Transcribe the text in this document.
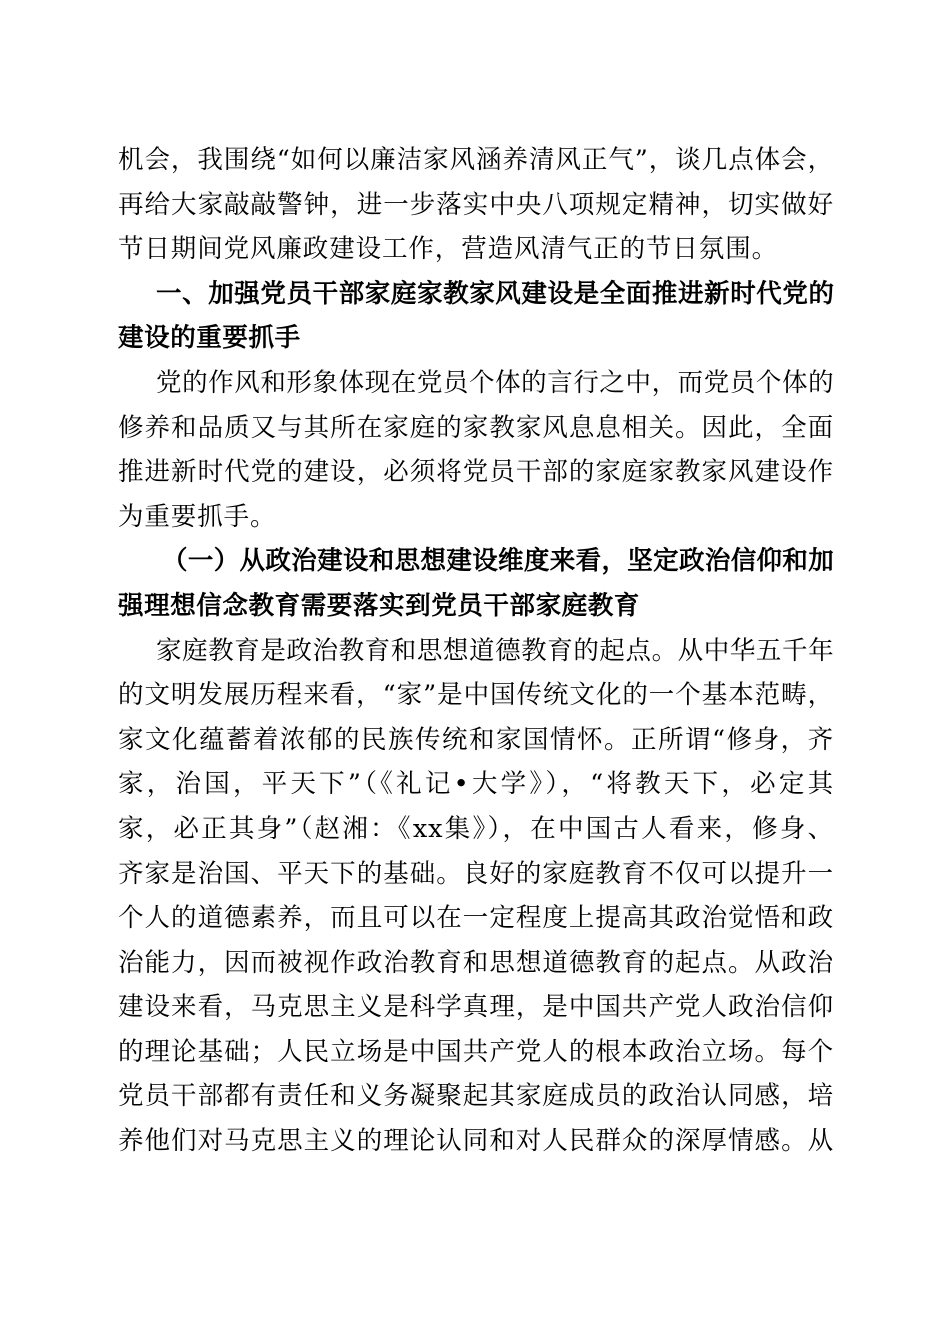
机会，我围绕“如何以廉洁家风涵养清风正气”，谈几点体会，
再给大家敲敲警钟，进一步落实中央八项规定精神，切实做好
节日期间党风廉政建设工作，营造风清气正的节日氛围。
一、加强党员干部家庭家教家风建设是全面推进新时代党的
建设的重要抓手
党的作风和形象体现在党员个体的言行之中，而党员个体的
修养和品质又与其所在家庭的家教家风息息相关。因此，全面
推进新时代党的建设，必须将党员干部的家庭家教家风建设作
为重要抓手。
（一）从政治建设和思想建设维度来看，坚定政治信仰和加
强理想信念教育需要落实到党员干部家庭教育
家庭教育是政治教育和思想道德教育的起点。从中华五千年
的文明发展历程来看，“家”是中国传统文化的一个基本范畴，
家文化蕴蓄着浓郁的民族传统和家国情怀。正所谓“修身，齐
家，治国，平天下”（《礼记•大学》），“将教天下，必定其
家，必正其身”（赵湘：《xx集》），在中国古人看来，修身、
齐家是治国、平天下的基础。良好的家庭教育不仅可以提升一
个人的道德素养，而且可以在一定程度上提高其政治觉悟和政
治能力，因而被视作政治教育和思想道德教育的起点。从政治
建设来看，马克思主义是科学真理，是中国共产党人政治信仰
的理论基础；人民立场是中国共产党人的根本政治立场。每个
党员干部都有责任和义务凝聚起其家庭成员的政治认同感，培
养他们对马克思主义的理论认同和对人民群众的深厚情感。从
